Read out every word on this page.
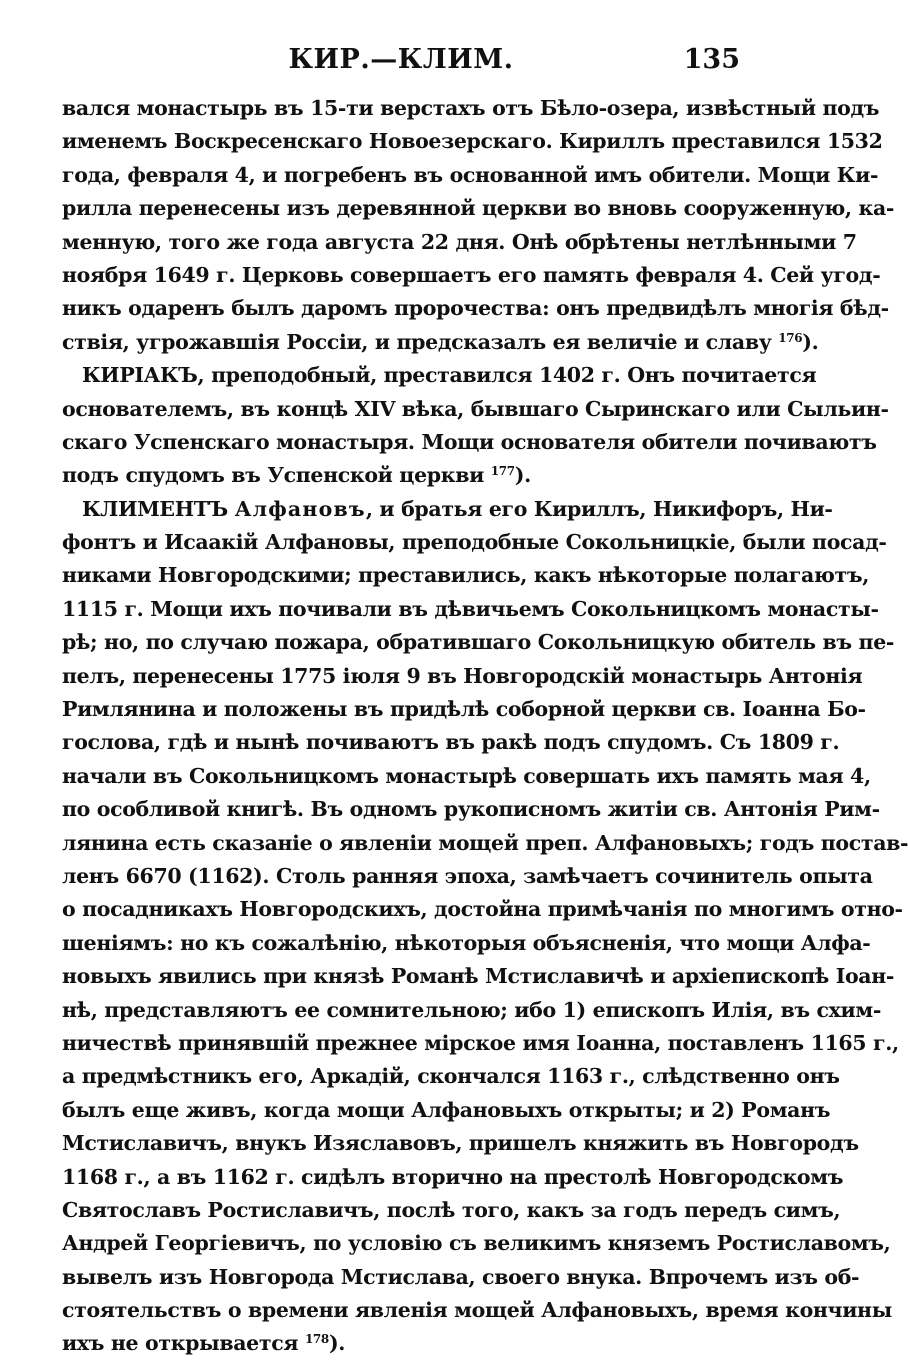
КИР.—КЛИМ.	135
вался монастырь въ 15-ти верстахъ отъ Бѣло-озера, извѣстный подъ
именемъ Воскресенскаго Новоезерскаго. Кириллъ преставился 1532
года, февраля 4, и погребенъ въ основанной имъ обители. Мощи Ки-
рилла перенесены изъ деревянной церкви во вновь сооруженную, ка-
менную, того же года августа 22 дня. Онѣ обрѣтены нетлѣнными 7
ноября 1649 г. Церковь совершаетъ его память февраля 4. Сей угод-
никъ одаренъ былъ даромъ пророчества: онъ предвидѣлъ многія бѣд-
ствія, угрожавшія Россіи, и предсказалъ ея величіе и славу $^{176}$).
КИРІАКЪ, преподобный, преставился 1402 г. Онъ почитается
основателемъ, въ концѣ XIV вѣка, бывшаго Сыринскаго или Сыльин-
скаго Успенскаго монастыря. Мощи основателя обители почиваютъ
подъ спудомъ въ Успенской церкви $^{177}$).
КЛИМЕНТЪ Алфановъ, и братья его Кириллъ, Никифоръ, Ни-
фонтъ и Исаакій Алфановы, преподобные Сокольницкіе, были посад-
никами Новгородскими; преставились, какъ нѣкоторые полагаютъ,
1115 г. Мощи ихъ почивали въ дѣвичьемъ Сокольницкомъ монасты-
рѣ; но, по случаю пожара, обратившаго Сокольницкую обитель въ пе-
пелъ, перенесены 1775 іюля 9 въ Новгородскій монастырь Антонія
Римлянина и положены въ придѣлѣ соборной церкви св. Іоанна Бо-
гослова, гдѣ и нынѣ почиваютъ въ ракѣ подъ спудомъ. Съ 1809 г.
начали въ Сокольницкомъ монастырѣ совершать ихъ память мая 4,
по особливой книгѣ. Въ одномъ рукописномъ житіи св. Антонія Рим-
лянина есть сказаніе о явленіи мощей преп. Алфановыхъ; годъ постав-
ленъ 6670 (1162). Столь ранняя эпоха, замѣчаетъ сочинитель опыта
о посадникахъ Новгородскихъ, достойна примѣчанія по многимъ отно-
шеніямъ: но къ сожалѣнію, нѣкоторыя объясненія, что мощи Алфа-
новыхъ явились при князѣ Романѣ Мстиславичѣ и архіепископѣ Іоан-
нѣ, представляютъ ее сомнительною; ибо 1) епископъ Илія, въ схим-
ничествѣ принявшій прежнее мірское имя Іоанна, поставленъ 1165 г.,
а предмѣстникъ его, Аркадій, скончался 1163 г., слѣдственно онъ
былъ еще живъ, когда мощи Алфановыхъ открыты; и 2) Романъ
Мстиславичъ, внукъ Изяславовъ, пришелъ княжить въ Новгородъ
1168 г., а въ 1162 г. сидѣлъ вторично на престолѣ Новгородскомъ
Святославъ Ростиславичъ, послѣ того, какъ за годъ передъ симъ,
Андрей Георгіевичъ, по условію съ великимъ княземъ Ростиславомъ,
вывелъ изъ Новгорода Мстислава, своего внука. Впрочемъ изъ об-
стоятельствъ о времени явленія мощей Алфановыхъ, время кончины
ихъ не открывается $^{178}$).
